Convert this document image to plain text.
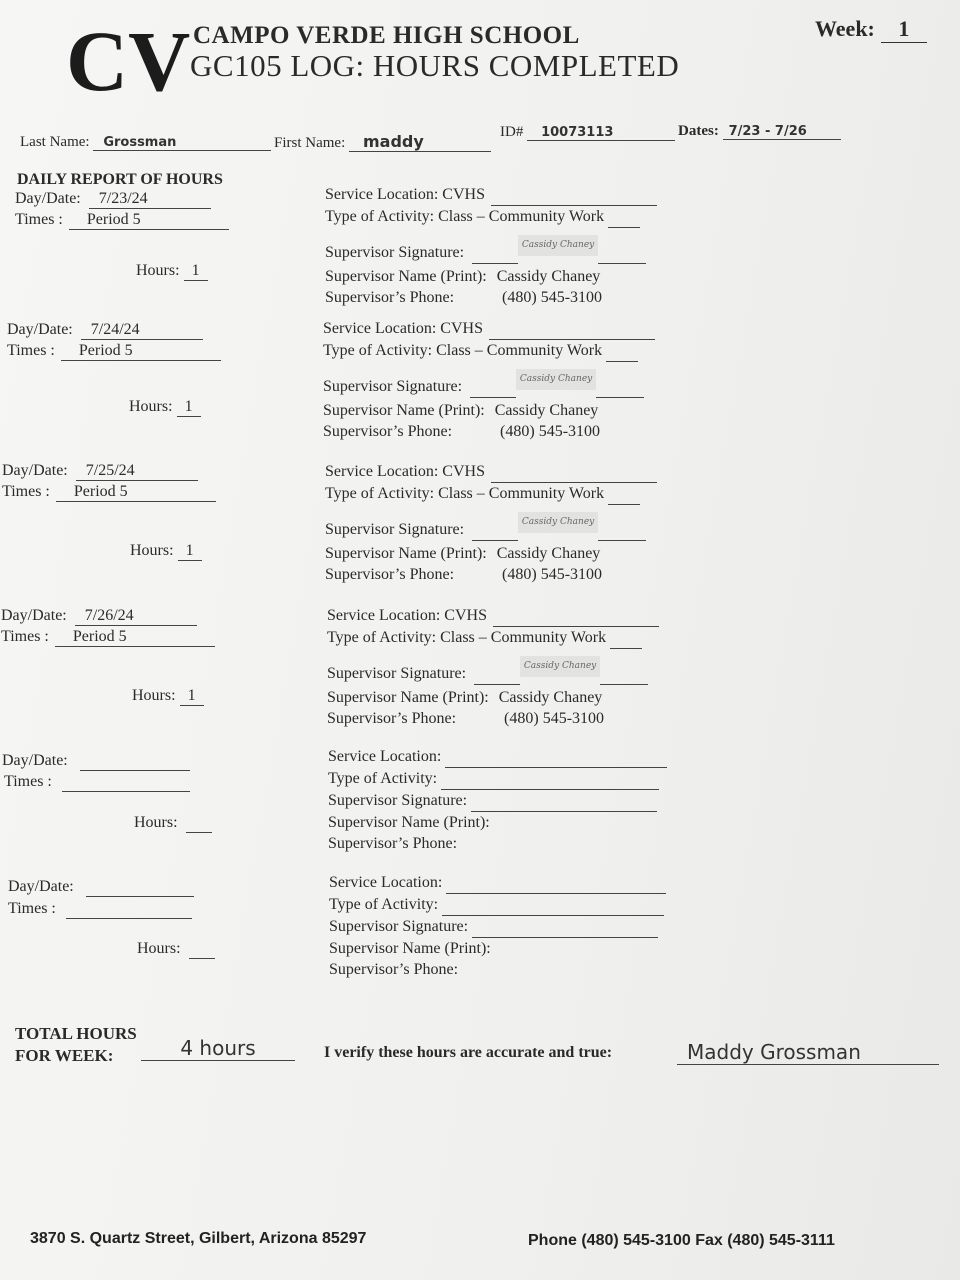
CV CAMPO VERDE HIGH SCHOOL
GC105 LOG: HOURS COMPLETED
Week: 1
Last Name: Grossman	First Name: maddy	ID# 10073113	Dates: 7/23 - 7/26
DAILY REPORT OF HOURS
Day/Date: 7/23/24
Times : Period 5
Hours: 1
Service Location: CVHS
Type of Activity: Class – Community Work
Supervisor Signature:	Cassidy Chaney
Supervisor Name (Print): Cassidy Chaney
Supervisor’s Phone:	(480) 545-3100
Day/Date: 7/24/24
Times : Period 5
Hours: 1
Service Location: CVHS
Type of Activity: Class – Community Work
Supervisor Signature:	Cassidy Chaney
Supervisor Name (Print): Cassidy Chaney
Supervisor’s Phone:	(480) 545-3100
Day/Date: 7/25/24
Times : Period 5
Hours: 1
Service Location: CVHS
Type of Activity: Class – Community Work
Supervisor Signature:	Cassidy Chaney
Supervisor Name (Print): Cassidy Chaney
Supervisor’s Phone:	(480) 545-3100
Day/Date: 7/26/24
Times : Period 5
Hours: 1
Service Location: CVHS
Type of Activity: Class – Community Work
Supervisor Signature:	Cassidy Chaney
Supervisor Name (Print): Cassidy Chaney
Supervisor’s Phone:	(480) 545-3100
Day/Date:
Times :
Hours:
Service Location:
Type of Activity:
Supervisor Signature:
Supervisor Name (Print):
Supervisor’s Phone:
Day/Date:
Times :
Hours:
Service Location:
Type of Activity:
Supervisor Signature:
Supervisor Name (Print):
Supervisor’s Phone:
TOTAL HOURS
FOR WEEK:	4 hours	I verify these hours are accurate and true:	Maddy Grossman
3870 S. Quartz Street, Gilbert, Arizona 85297	Phone (480) 545-3100 Fax (480) 545-3111
